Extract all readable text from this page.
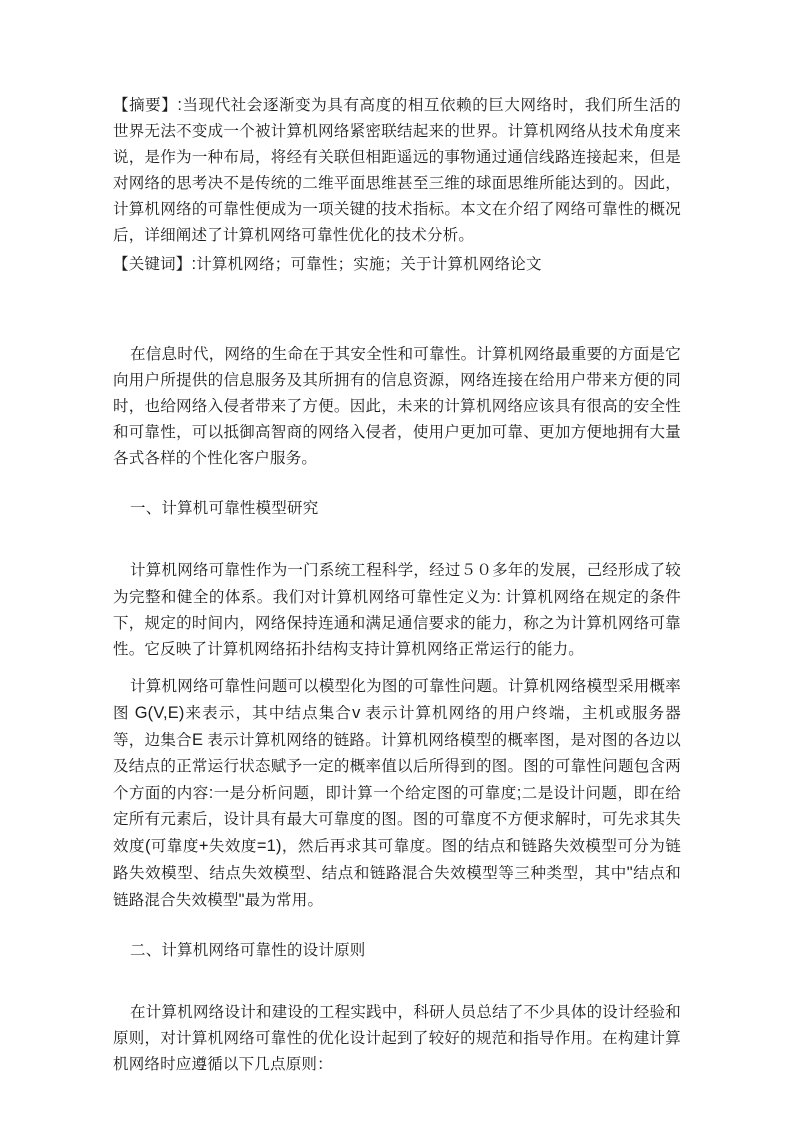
【摘要】:当现代社会逐渐变为具有高度的相互依赖的巨大网络时，我们所生活的世界无法不变成一个被计算机网络紧密联结起来的世界。计算机网络从技术角度来说，是作为一种布局，将经有关联但相距遥远的事物通过通信线路连接起来，但是对网络的思考决不是传统的二维平面思维甚至三维的球面思维所能达到的。因此，计算机网络的可靠性便成为一项关键的技术指标。本文在介绍了网络可靠性的概况后，详细阐述了计算机网络可靠性优化的技术分析。

【关键词】:计算机网络；可靠性；实施；关于计算机网络论文

在信息时代，网络的生命在于其安全性和可靠性。计算机网络最重要的方面是它向用户所提供的信息服务及其所拥有的信息资源，网络连接在给用户带来方便的同时，也给网络入侵者带来了方便。因此，未来的计算机网络应该具有很高的安全性和可靠性，可以抵御高智商的网络入侵者，使用户更加可靠、更加方便地拥有大量各式各样的个性化客户服务。

一、计算机可靠性模型研究

计算机网络可靠性作为一门系统工程科学，经过５０多年的发展，己经形成了较为完整和健全的体系。我们对计算机网络可靠性定义为: 计算机网络在规定的条件下，规定的时间内，网络保持连通和满足通信要求的能力，称之为计算机网络可靠性。它反映了计算机网络拓扑结构支持计算机网络正常运行的能力。

计算机网络可靠性问题可以模型化为图的可靠性问题。计算机网络模型采用概率图 G(V,E)来表示，其中结点集合v 表示计算机网络的用户终端，主机或服务器等，边集合E 表示计算机网络的链路。计算机网络模型的概率图，是对图的各边以及结点的正常运行状态赋予一定的概率值以后所得到的图。图的可靠性问题包含两个方面的内容:一是分析问题，即计算一个给定图的可靠度;二是设计问题，即在给定所有元素后，设计具有最大可靠度的图。图的可靠度不方便求解时，可先求其失效度(可靠度+失效度=1)，然后再求其可靠度。图的结点和链路失效模型可分为链路失效模型、结点失效模型、结点和链路混合失效模型等三种类型，其中"结点和链路混合失效模型"最为常用。

二、计算机网络可靠性的设计原则

在计算机网络设计和建设的工程实践中，科研人员总结了不少具体的设计经验和原则，对计算机网络可靠性的优化设计起到了较好的规范和指导作用。在构建计算机网络时应遵循以下几点原则：
